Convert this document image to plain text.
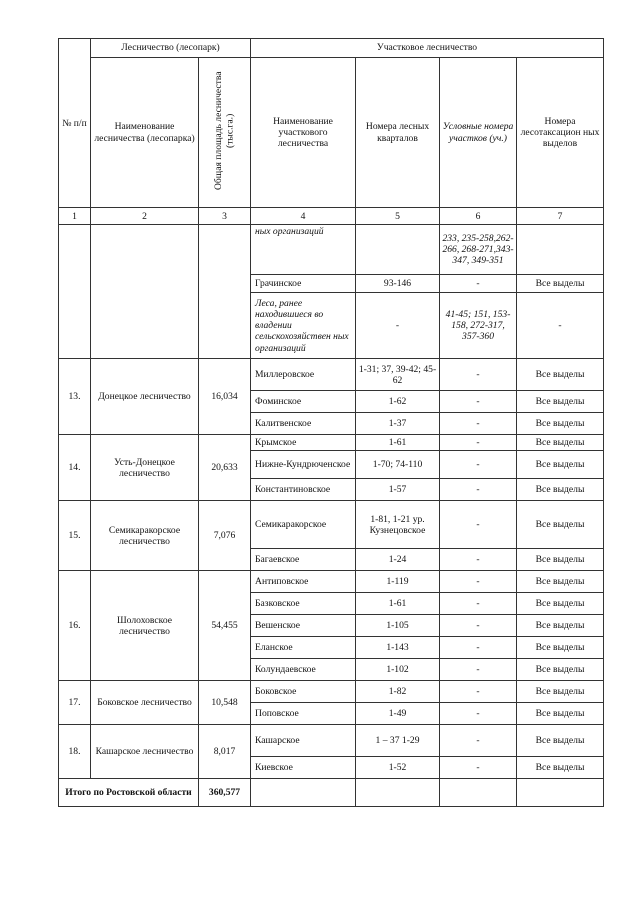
№ п/п	Лесничество (лесопарк)		Участковое лесничество			
	Наименование лесничества (лесопарка)	Общая площадь лесничества (тыс.га.)	Наименование участкового лесничества	Номера лесных кварталов	Условные номера участков (уч.)	Номера лесотаксацион ных выделов
1	2	3	4	5	6	7
			ных организаций		233, 235-258,262-266, 268-271,343-347, 349-351	
			Грачинское	93-146	-	Все выделы
			Леса, ранее находившиеся во владении сельскохозяйствен ных организаций	-	41-45; 151, 153-158, 272-317, 357-360	-
13.	Донецкое лесничество	16,034	Миллеровское	1-31; 37, 39-42; 45-62	-	Все выделы
			Фоминское	1-62	-	Все выделы
			Калитвенское	1-37	-	Все выделы
14.	Усть-Донецкое лесничество	20,633	Крымское	1-61	-	Все выделы
			Нижне-Кундрюченское	1-70; 74-110	-	Все выделы
			Константиновское	1-57	-	Все выделы
15.	Семикаракорское лесничество	7,076	Семикаракорское	1-81, 1-21 ур. Кузнецовское	-	Все выделы
			Багаевское	1-24	-	Все выделы
16.	Шолоховское лесничество	54,455	Антиповское	1-119	-	Все выделы
			Базковское	1-61	-	Все выделы
			Вешенское	1-105	-	Все выделы
			Еланское	1-143	-	Все выделы
			Колундаевское	1-102	-	Все выделы
17.	Боковское лесничество	10,548	Боковское	1-82	-	Все выделы
			Поповское	1-49	-	Все выделы
18.	Кашарское лесничество	8,017	Кашарское	1 – 37 1-29	-	Все выделы
			Киевское	1-52	-	Все выделы
Итого по Ростовской области		360,577				
